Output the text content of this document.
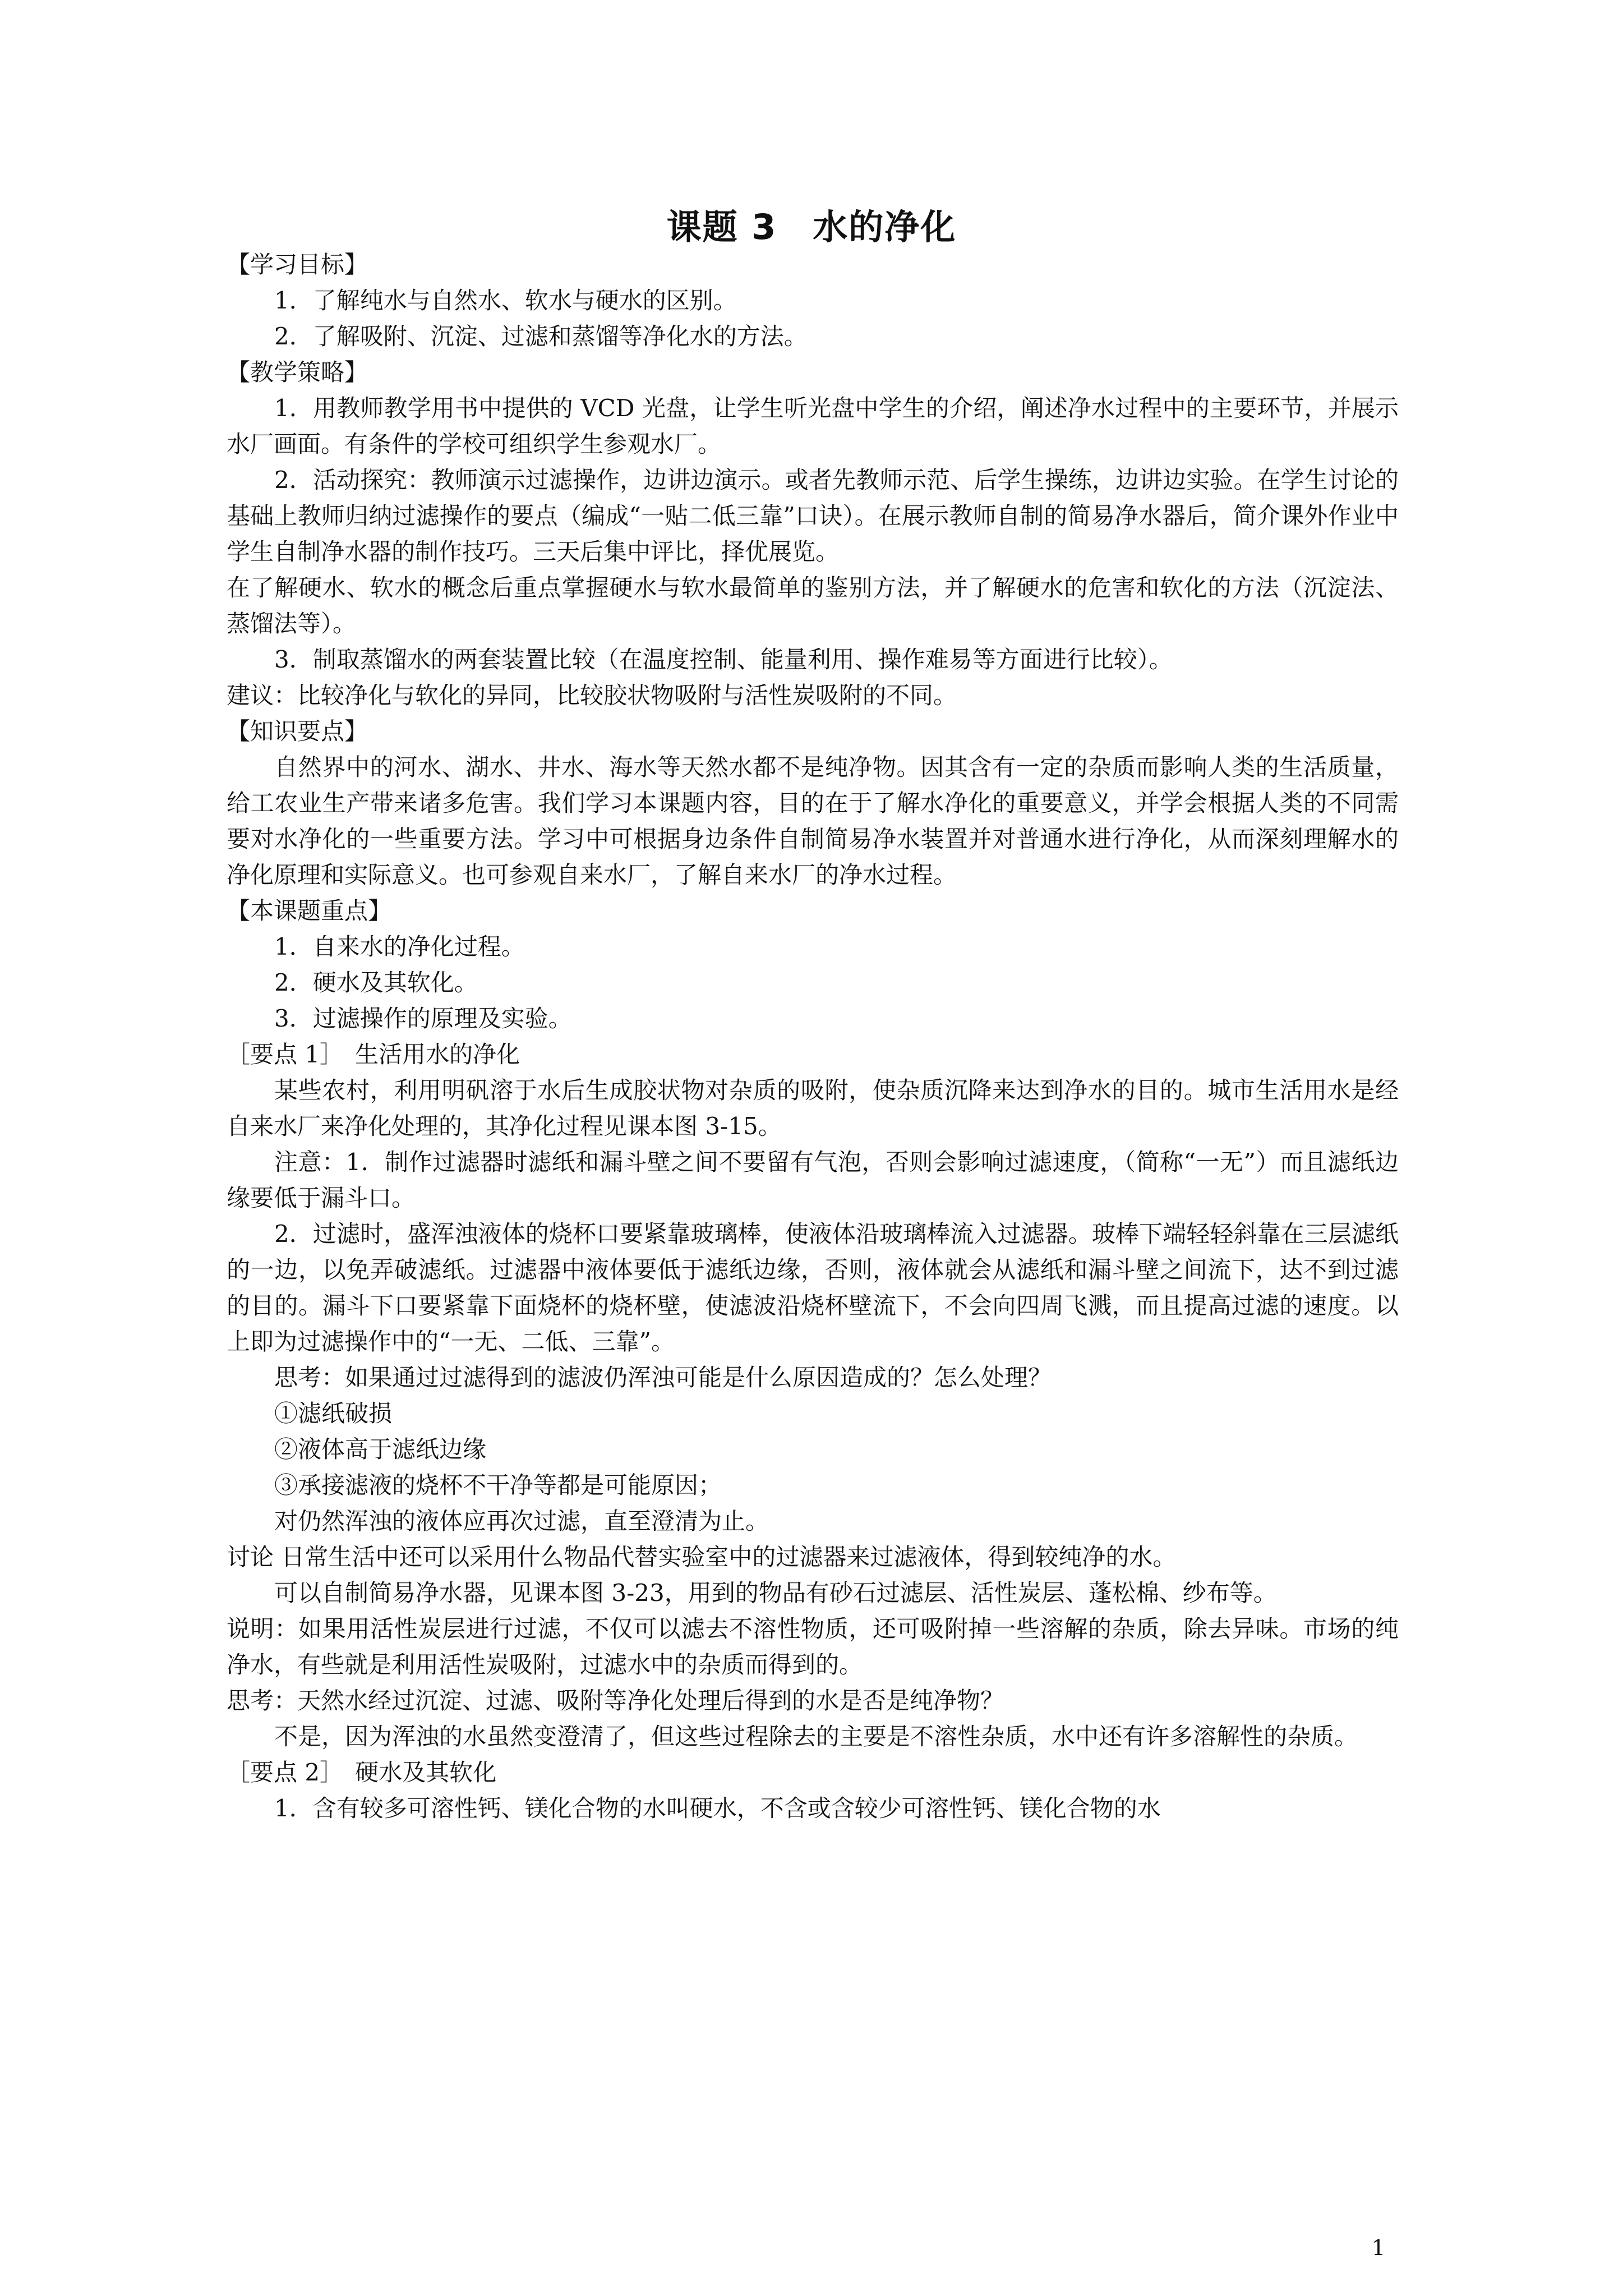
课题 3　水的净化

【学习目标】

1．了解纯水与自然水、软水与硬水的区别。

2．了解吸附、沉淀、过滤和蒸馏等净化水的方法。

【教学策略】

1．用教师教学用书中提供的 VCD 光盘，让学生听光盘中学生的介绍，阐述净水过程中的主要环节，并展示水厂画面。有条件的学校可组织学生参观水厂。

2．活动探究：教师演示过滤操作，边讲边演示。或者先教师示范、后学生操练，边讲边实验。在学生讨论的基础上教师归纳过滤操作的要点（编成“一贴二低三靠”口诀）。在展示教师自制的简易净水器后，简介课外作业中学生自制净水器的制作技巧。三天后集中评比，择优展览。

在了解硬水、软水的概念后重点掌握硬水与软水最简单的鉴别方法，并了解硬水的危害和软化的方法（沉淀法、蒸馏法等）。

3．制取蒸馏水的两套装置比较（在温度控制、能量利用、操作难易等方面进行比较）。

建议：比较净化与软化的异同，比较胶状物吸附与活性炭吸附的不同。

【知识要点】

自然界中的河水、湖水、井水、海水等天然水都不是纯净物。因其含有一定的杂质而影响人类的生活质量，给工农业生产带来诸多危害。我们学习本课题内容，目的在于了解水净化的重要意义，并学会根据人类的不同需要对水净化的一些重要方法。学习中可根据身边条件自制简易净水装置并对普通水进行净化，从而深刻理解水的净化原理和实际意义。也可参观自来水厂，了解自来水厂的净水过程。

【本课题重点】

1．自来水的净化过程。

2．硬水及其软化。

3．过滤操作的原理及实验。

［要点 1］　生活用水的净化

某些农村，利用明矾溶于水后生成胶状物对杂质的吸附，使杂质沉降来达到净水的目的。城市生活用水是经自来水厂来净化处理的，其净化过程见课本图 3-15。

注意：1．制作过滤器时滤纸和漏斗壁之间不要留有气泡，否则会影响过滤速度，（简称“一无”）而且滤纸边缘要低于漏斗口。

2．过滤时，盛浑浊液体的烧杯口要紧靠玻璃棒，使液体沿玻璃棒流入过滤器。玻棒下端轻轻斜靠在三层滤纸的一边，以免弄破滤纸。过滤器中液体要低于滤纸边缘，否则，液体就会从滤纸和漏斗壁之间流下，达不到过滤的目的。漏斗下口要紧靠下面烧杯的烧杯壁，使滤波沿烧杯壁流下，不会向四周飞溅，而且提高过滤的速度。以上即为过滤操作中的“一无、二低、三靠”。

思考：如果通过过滤得到的滤波仍浑浊可能是什么原因造成的？怎么处理？

①滤纸破损

②液体高于滤纸边缘

③承接滤液的烧杯不干净等都是可能原因；

对仍然浑浊的液体应再次过滤，直至澄清为止。

讨论 日常生活中还可以采用什么物品代替实验室中的过滤器来过滤液体，得到较纯净的水。

可以自制简易净水器，见课本图 3-23，用到的物品有砂石过滤层、活性炭层、蓬松棉、纱布等。

说明：如果用活性炭层进行过滤，不仅可以滤去不溶性物质，还可吸附掉一些溶解的杂质，除去异味。市场的纯净水，有些就是利用活性炭吸附，过滤水中的杂质而得到的。

思考：天然水经过沉淀、过滤、吸附等净化处理后得到的水是否是纯净物？

不是，因为浑浊的水虽然变澄清了，但这些过程除去的主要是不溶性杂质，水中还有许多溶解性的杂质。

［要点 2］　硬水及其软化

1．含有较多可溶性钙、镁化合物的水叫硬水，不含或含较少可溶性钙、镁化合物的水

1
